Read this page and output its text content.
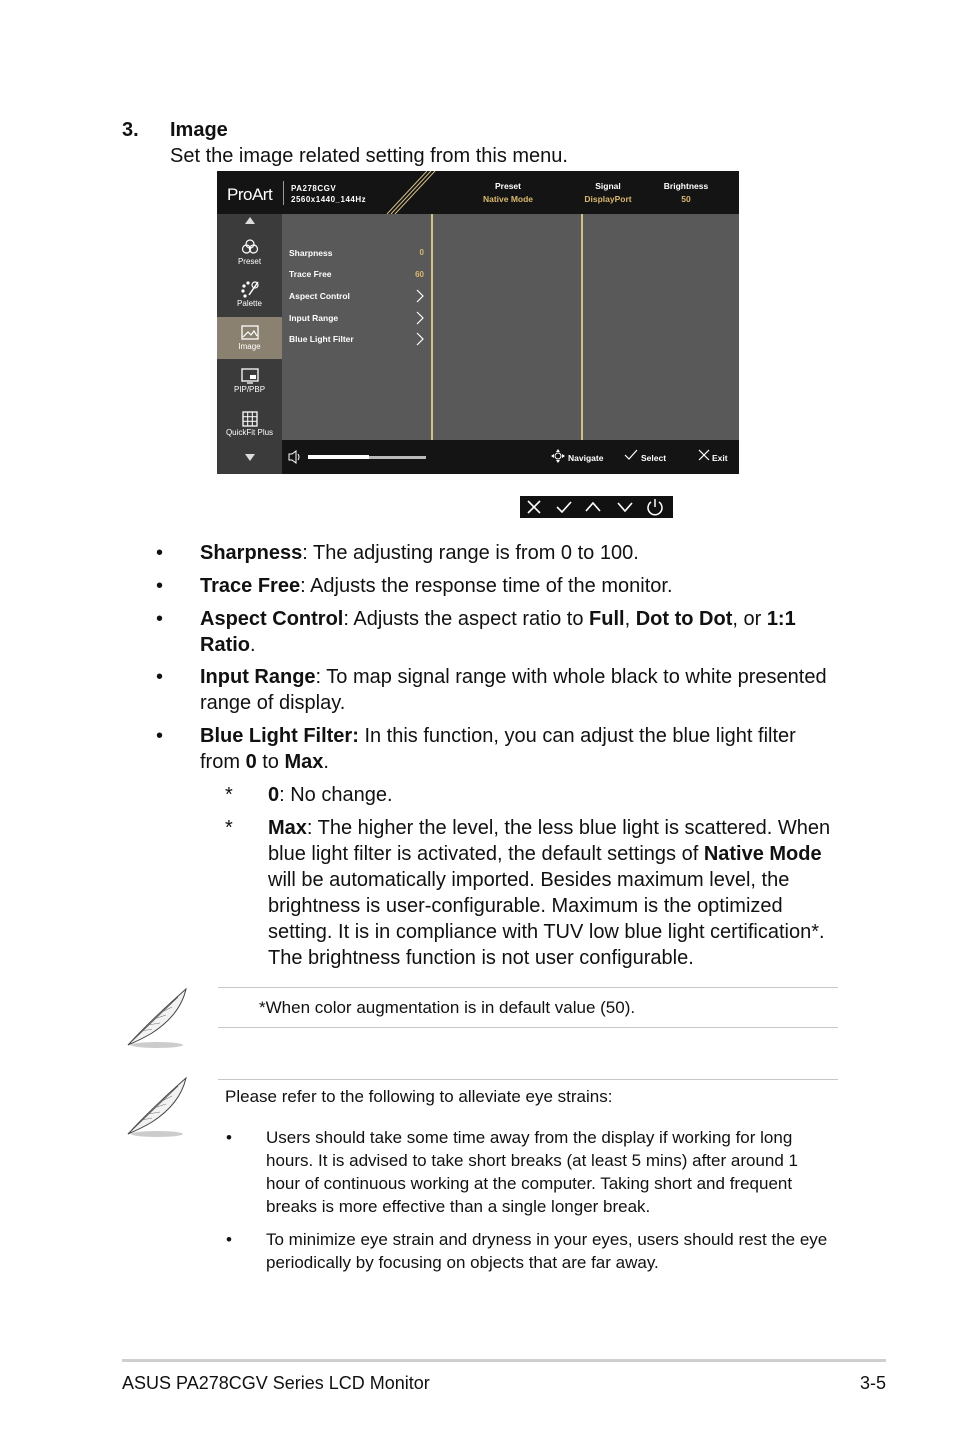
3. Image
Set the image related setting from this menu.
ProArt PA278CGV
2560x1440_144Hz
Preset
Native Mode
Signal
DisplayPort
Brightness
50
Preset
Palette
Image
PIP/PBP
QuickFit Plus
Sharpness	0
Trace Free	60
Aspect Control
Input Range
Blue Light Filter
Navigate	Select	Exit
• Sharpness: The adjusting range is from 0 to 100.
• Trace Free: Adjusts the response time of the monitor.
• Aspect Control: Adjusts the aspect ratio to Full, Dot to Dot, or 1:1 Ratio.
• Input Range: To map signal range with whole black to white presented range of display.
• Blue Light Filter: In this function, you can adjust the blue light filter from 0 to Max.
* 0: No change.
* Max: The higher the level, the less blue light is scattered. When blue light filter is activated, the default settings of Native Mode will be automatically imported. Besides maximum level, the brightness is user-configurable. Maximum is the optimized setting. It is in compliance with TUV low blue light certification*. The brightness function is not user configurable.
*When color augmentation is in default value (50).
Please refer to the following to alleviate eye strains:
• Users should take some time away from the display if working for long hours. It is advised to take short breaks (at least 5 mins) after around 1 hour of continuous working at the computer. Taking short and frequent breaks is more effective than a single longer break.
• To minimize eye strain and dryness in your eyes, users should rest the eye periodically by focusing on objects that are far away.
ASUS PA278CGV Series LCD Monitor	3-5
